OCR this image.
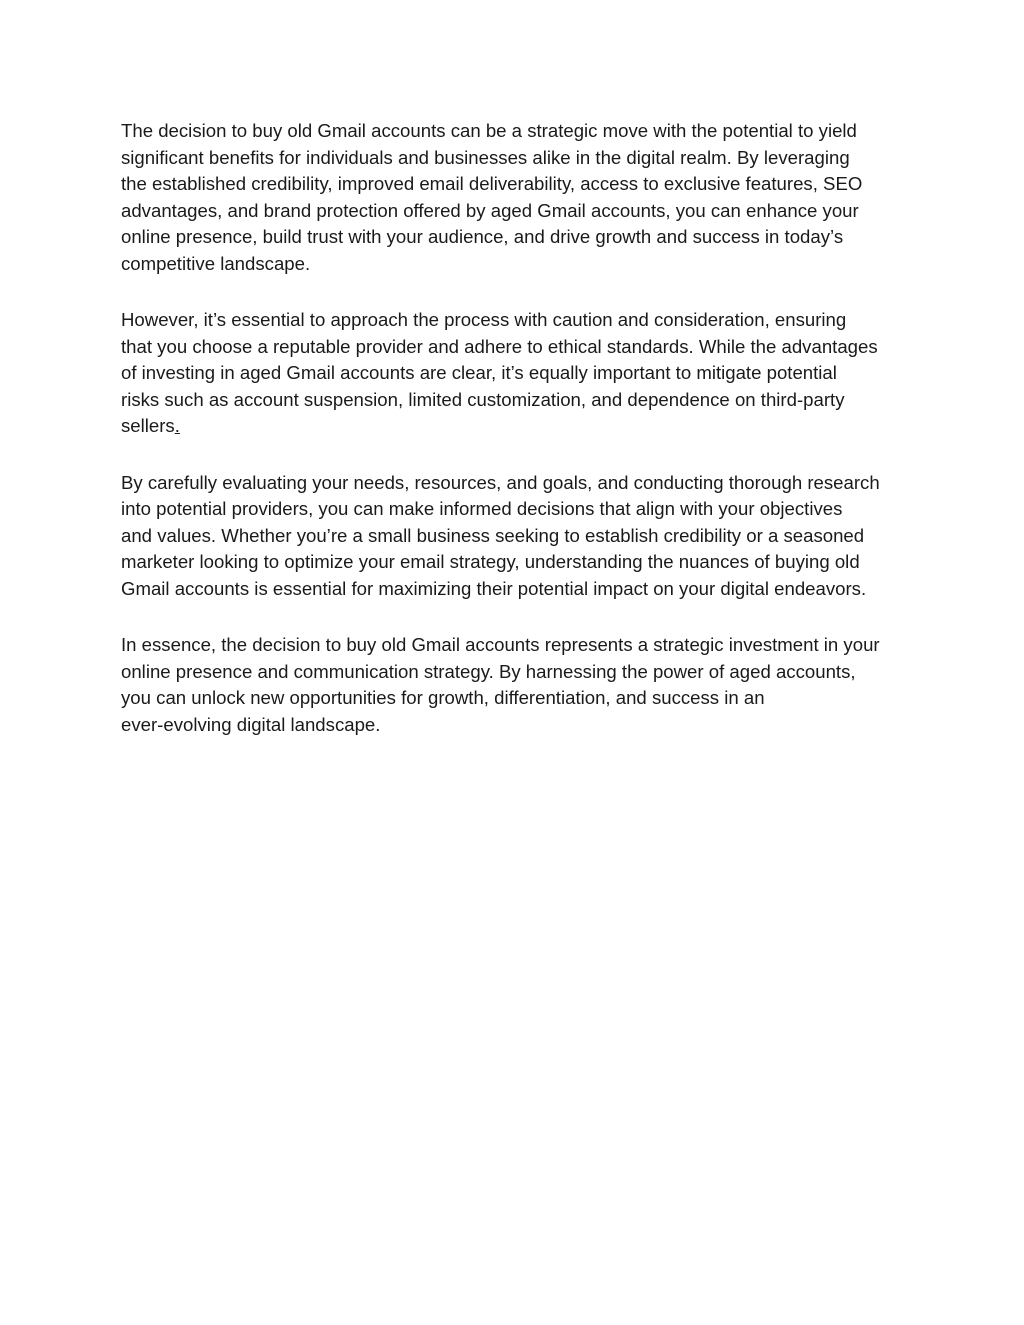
The decision to buy old Gmail accounts can be a strategic move with the potential to yield
significant benefits for individuals and businesses alike in the digital realm. By leveraging
the established credibility, improved email deliverability, access to exclusive features, SEO
advantages, and brand protection offered by aged Gmail accounts, you can enhance your
online presence, build trust with your audience, and drive growth and success in today’s
competitive landscape.

However, it’s essential to approach the process with caution and consideration, ensuring
that you choose a reputable provider and adhere to ethical standards. While the advantages
of investing in aged Gmail accounts are clear, it’s equally important to mitigate potential
risks such as account suspension, limited customization, and dependence on third-party
sellers.

By carefully evaluating your needs, resources, and goals, and conducting thorough research
into potential providers, you can make informed decisions that align with your objectives
and values. Whether you’re a small business seeking to establish credibility or a seasoned
marketer looking to optimize your email strategy, understanding the nuances of buying old
Gmail accounts is essential for maximizing their potential impact on your digital endeavors.

In essence, the decision to buy old Gmail accounts represents a strategic investment in your
online presence and communication strategy. By harnessing the power of aged accounts,
you can unlock new opportunities for growth, differentiation, and success in an
ever-evolving digital landscape.
